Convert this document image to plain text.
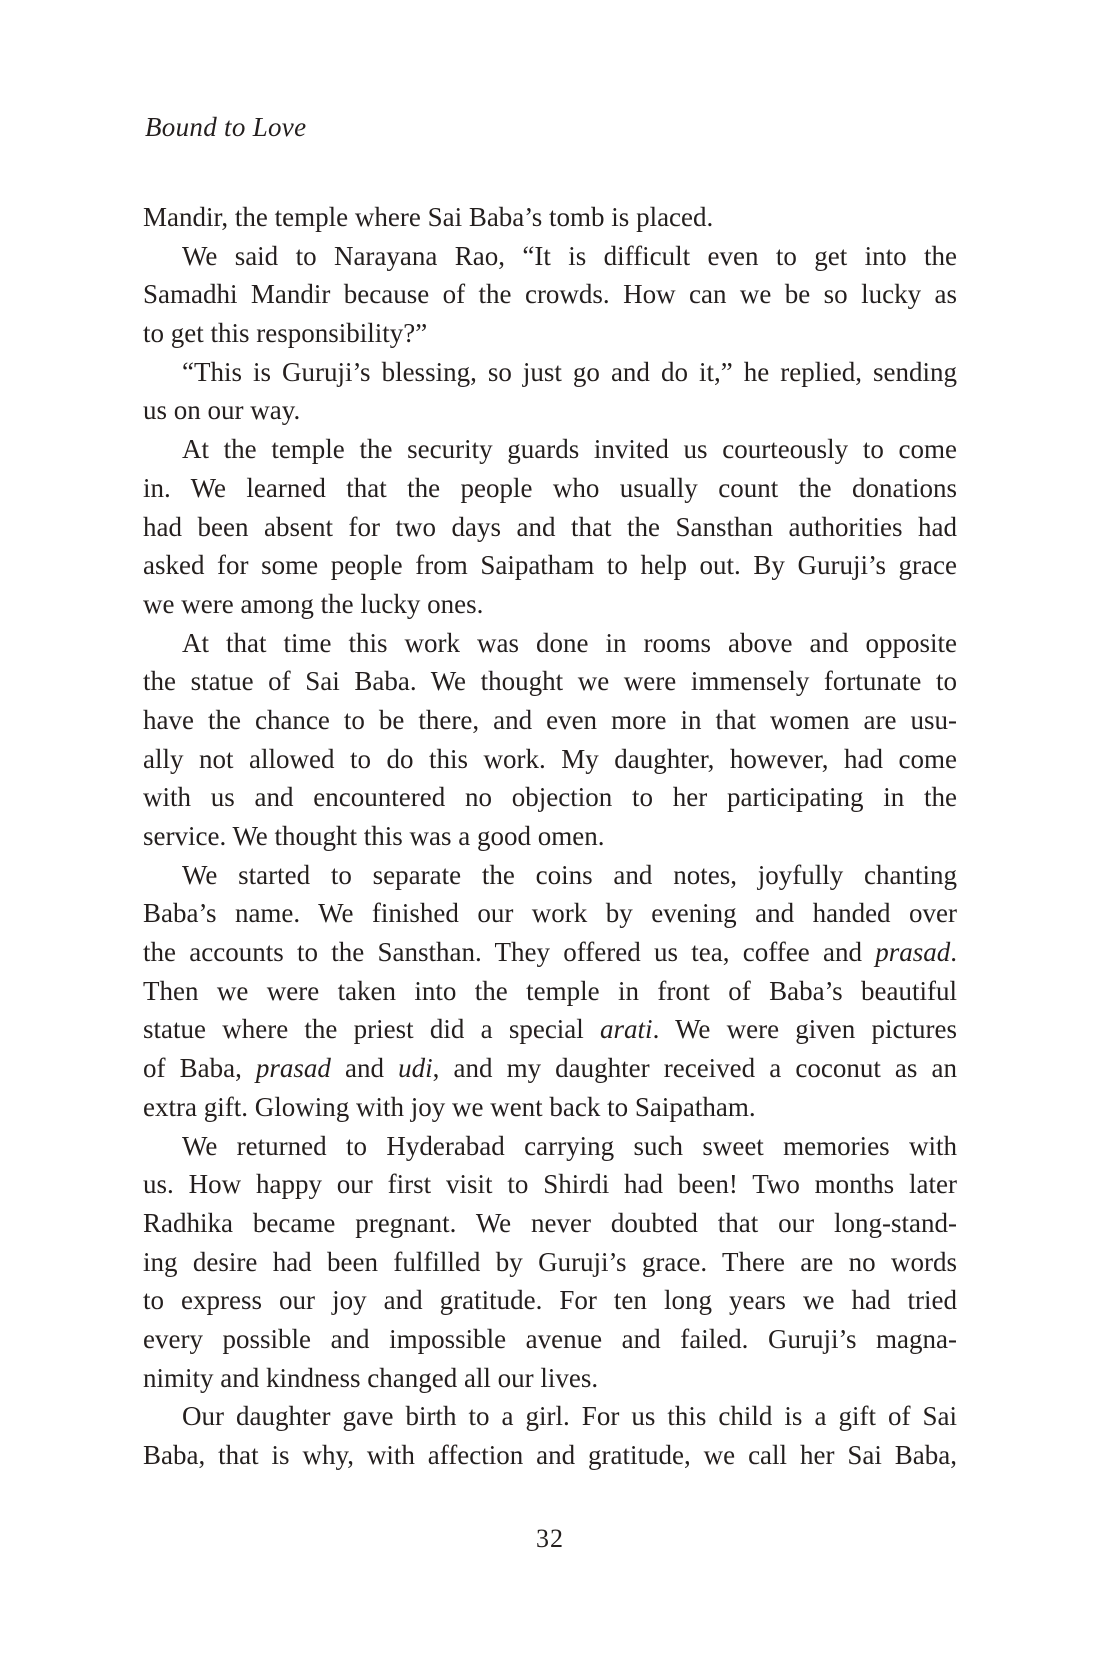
Bound to Love
Mandir, the temple where Sai Baba’s tomb is placed.
We said to Narayana Rao, “It is difficult even to get into the
Samadhi Mandir because of the crowds. How can we be so lucky as
to get this responsibility?”
“This is Guruji’s blessing, so just go and do it,” he replied, sending
us on our way.
At the temple the security guards invited us courteously to come
in. We learned that the people who usually count the donations
had been absent for two days and that the Sansthan authorities had
asked for some people from Saipatham to help out. By Guruji’s grace
we were among the lucky ones.
At that time this work was done in rooms above and opposite
the statue of Sai Baba. We thought we were immensely fortunate to
have the chance to be there, and even more in that women are usu-
ally not allowed to do this work. My daughter, however, had come
with us and encountered no objection to her participating in the
service. We thought this was a good omen.
We started to separate the coins and notes, joyfully chanting
Baba’s name. We finished our work by evening and handed over
the accounts to the Sansthan. They offered us tea, coffee and prasad.
Then we were taken into the temple in front of Baba’s beautiful
statue where the priest did a special arati. We were given pictures
of Baba, prasad and udi, and my daughter received a coconut as an
extra gift. Glowing with joy we went back to Saipatham.
We returned to Hyderabad carrying such sweet memories with
us. How happy our first visit to Shirdi had been! Two months later
Radhika became pregnant. We never doubted that our long-stand-
ing desire had been fulfilled by Guruji’s grace. There are no words
to express our joy and gratitude. For ten long years we had tried
every possible and impossible avenue and failed. Guruji’s magna-
nimity and kindness changed all our lives.
Our daughter gave birth to a girl. For us this child is a gift of Sai
Baba, that is why, with affection and gratitude, we call her Sai Baba,
32
